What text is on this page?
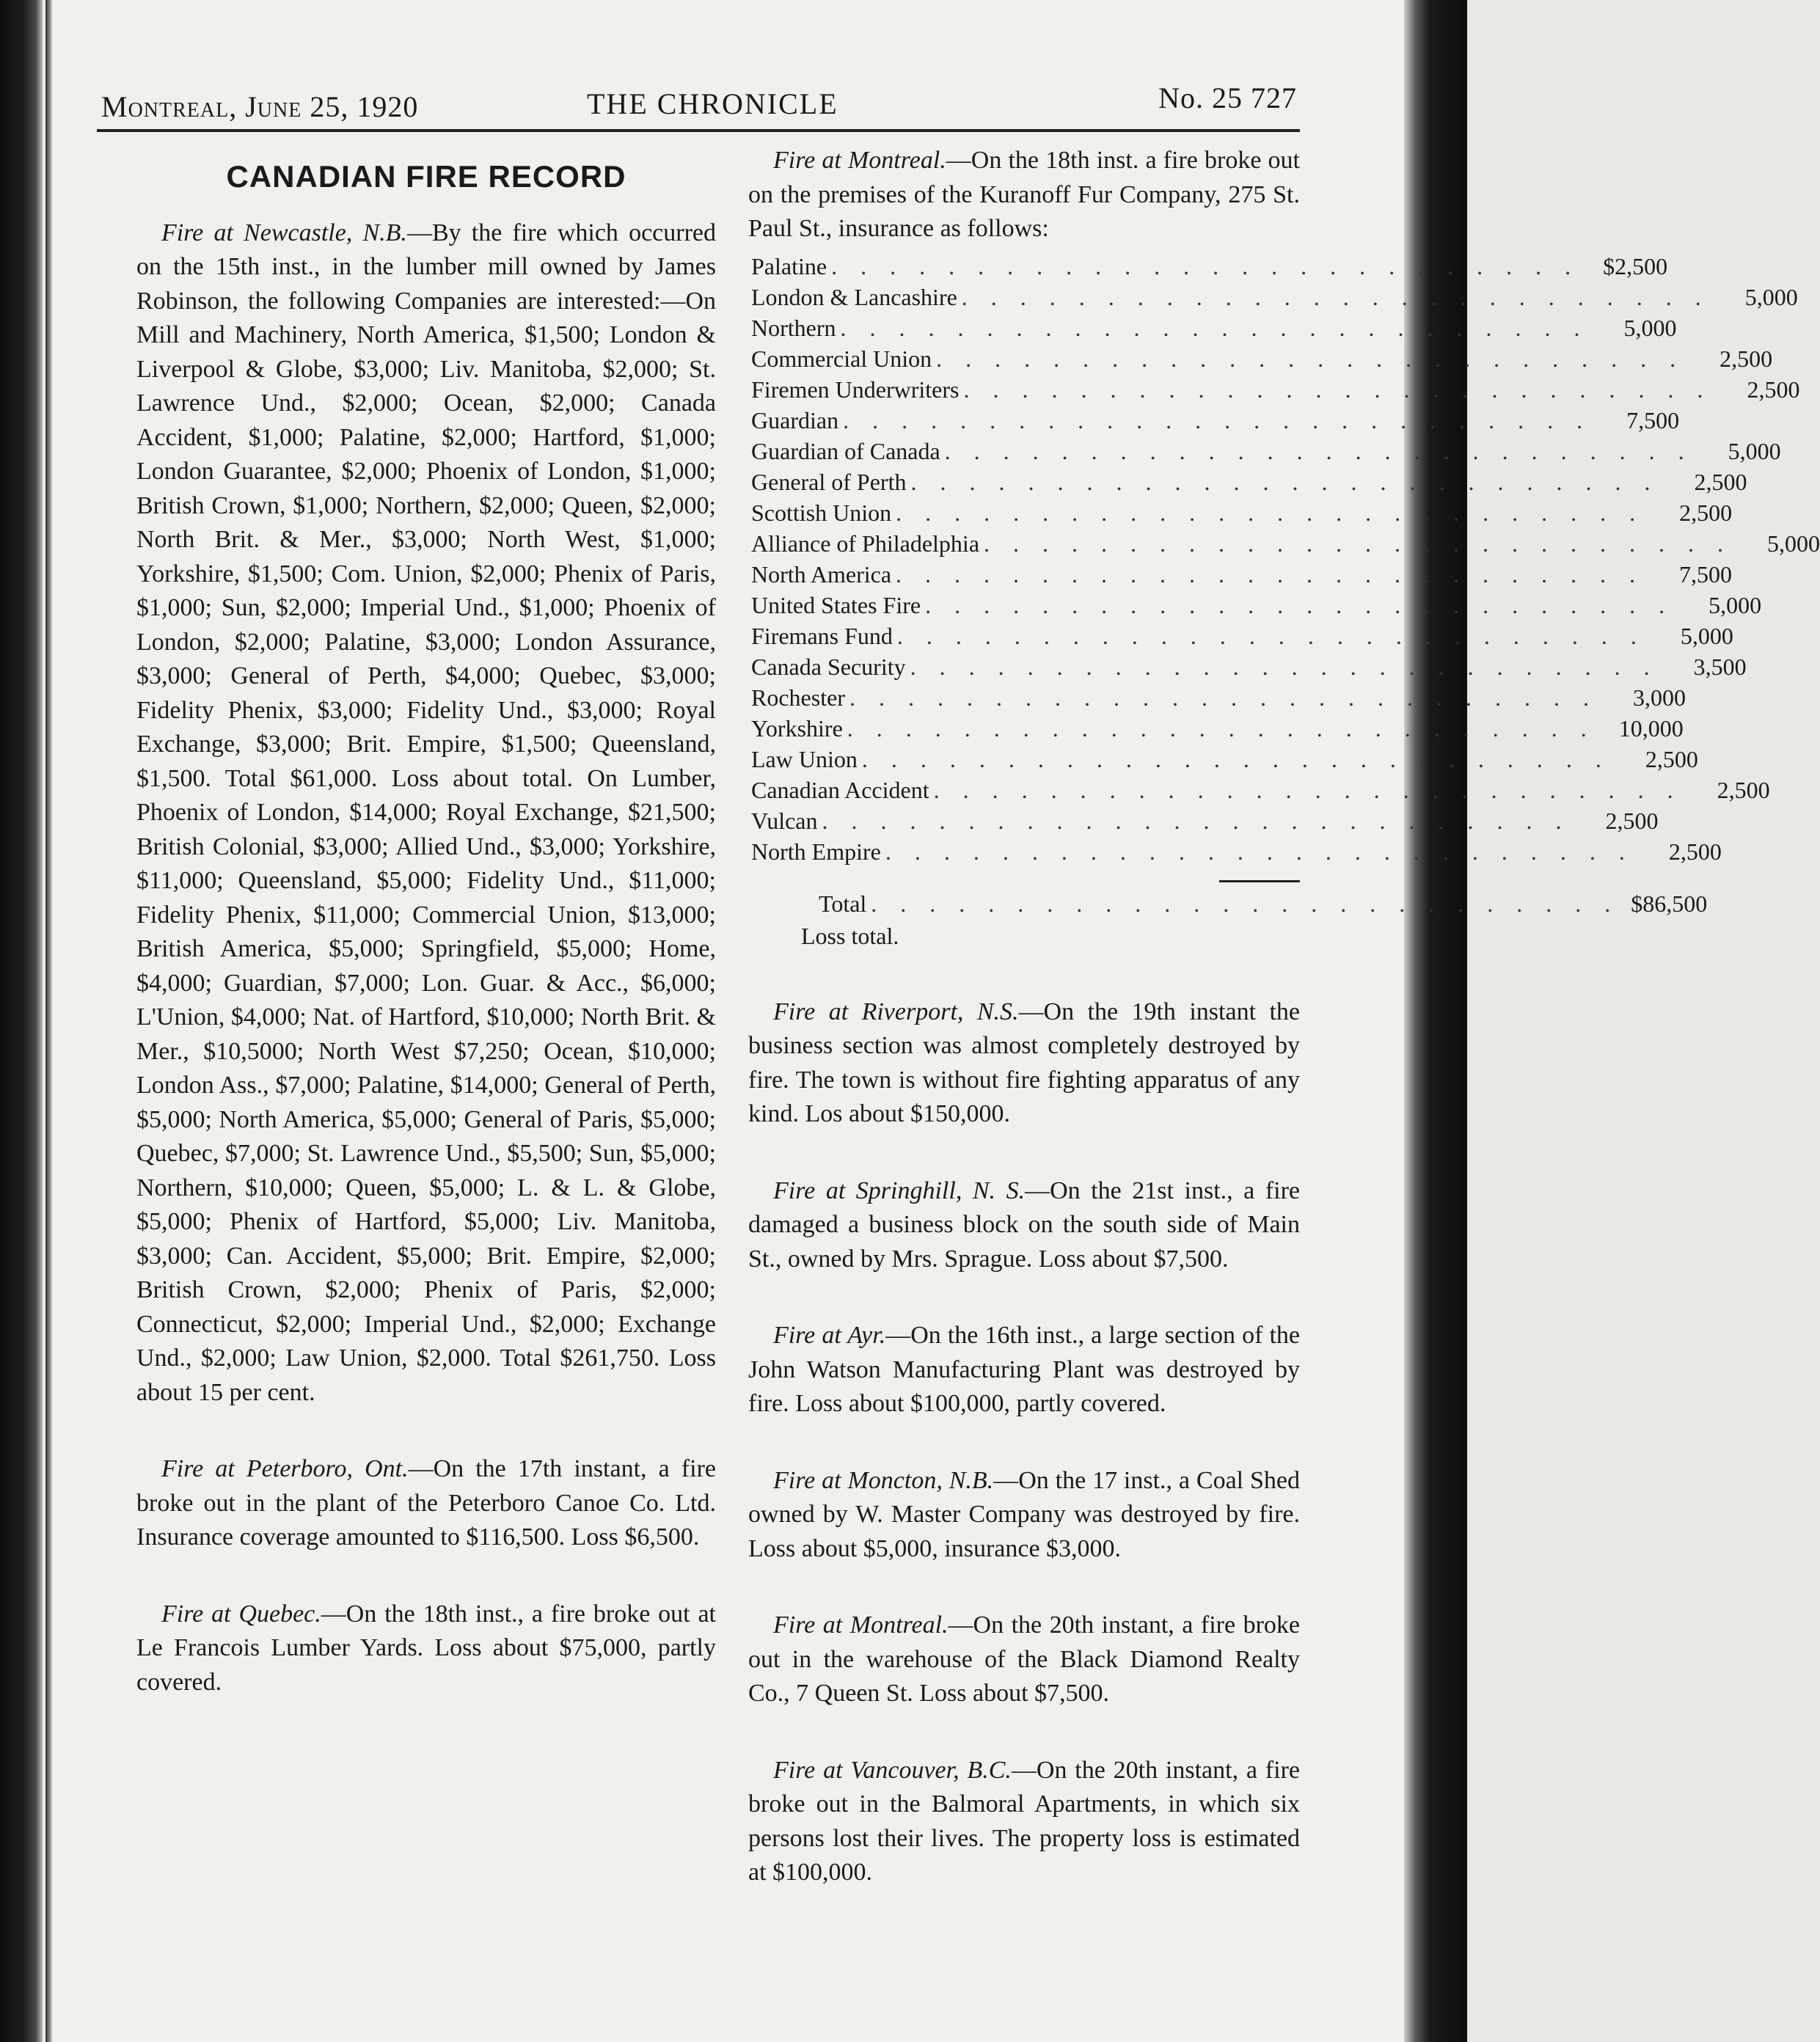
Montreal, June 25, 1920	THE CHRONICLE	No. 25 727
CANADIAN FIRE RECORD

Fire at Newcastle, N.B.—By the fire which occurred on the 15th inst., in the lumber mill owned by James Robinson, the following Companies are interested:—On Mill and Machinery, North America, $1,500; London & Liverpool & Globe, $3,000; Liv. Manitoba, $2,000; St. Lawrence Und., $2,000; Ocean, $2,000; Canada Accident, $1,000; Palatine, $2,000; Hartford, $1,000; London Guarantee, $2,000; Phoenix of London, $1,000; British Crown, $1,000; Northern, $2,000; Queen, $2,000; North Brit. & Mer., $3,000; North West, $1,000; Yorkshire, $1,500; Com. Union, $2,000; Phenix of Paris, $1,000; Sun, $2,000; Imperial Und., $1,000; Phoenix of London, $2,000; Palatine, $3,000; London Assurance, $3,000; General of Perth, $4,000; Quebec, $3,000; Fidelity Phenix, $3,000; Fidelity Und., $3,000; Royal Exchange, $3,000; Brit. Empire, $1,500; Queensland, $1,500. Total $61,000. Loss about total. On Lumber, Phoenix of London, $14,000; Royal Exchange, $21,500; British Colonial, $3,000; Allied Und., $3,000; Yorkshire, $11,000; Queensland, $5,000; Fidelity Und., $11,000; Fidelity Phenix, $11,000; Commercial Union, $13,000; British America, $5,000; Springfield, $5,000; Home, $4,000; Guardian, $7,000; Lon. Guar. & Acc., $6,000; L'Union, $4,000; Nat. of Hartford, $10,000; North Brit. & Mer., $10,5000; North West $7,250; Ocean, $10,000; London Ass., $7,000; Palatine, $14,000; General of Perth, $5,000; North America, $5,000; General of Paris, $5,000; Quebec, $7,000; St. Lawrence Und., $5,500; Sun, $5,000; Northern, $10,000; Queen, $5,000; L. & L. & Globe, $5,000; Phenix of Hartford, $5,000; Liv. Manitoba, $3,000; Can. Accident, $5,000; Brit. Empire, $2,000; British Crown, $2,000; Phenix of Paris, $2,000; Connecticut, $2,000; Imperial Und., $2,000; Exchange Und., $2,000; Law Union, $2,000. Total $261,750. Loss about 15 per cent.

Fire at Peterboro, Ont.—On the 17th instant, a fire broke out in the plant of the Peterboro Canoe Co. Ltd. Insurance coverage amounted to $116,500. Loss $6,500.

Fire at Quebec.—On the 18th inst., a fire broke out at Le Francois Lumber Yards. Loss about $75,000, partly covered.

Fire at Montreal.—On the 18th inst. a fire broke out on the premises of the Kuranoff Fur Company, 275 St. Paul St., insurance as follows:

Palatine . . . . . . . . . . . . . . . . . . . . . . . . . .	$2,500
London & Lancashire . . . . . . . . . . . . . . . . . . . . . . . . . .	5,000
Northern . . . . . . . . . . . . . . . . . . . . . . . . . .	5,000
Commercial Union . . . . . . . . . . . . . . . . . . . . . . . . . .	2,500
Firemen Underwriters . . . . . . . . . . . . . . . . . . . . . . . . . .	2,500
Guardian . . . . . . . . . . . . . . . . . . . . . . . . . .	7,500
Guardian of Canada . . . . . . . . . . . . . . . . . . . . . . . . . .	5,000
General of Perth . . . . . . . . . . . . . . . . . . . . . . . . . .	2,500
Scottish Union . . . . . . . . . . . . . . . . . . . . . . . . . .	2,500
Alliance of Philadelphia . . . . . . . . . . . . . . . . . . . . . . . . . .	5,000
North America . . . . . . . . . . . . . . . . . . . . . . . . . .	7,500
United States Fire . . . . . . . . . . . . . . . . . . . . . . . . . .	5,000
Firemans Fund . . . . . . . . . . . . . . . . . . . . . . . . . .	5,000
Canada Security . . . . . . . . . . . . . . . . . . . . . . . . . .	3,500
Rochester . . . . . . . . . . . . . . . . . . . . . . . . . .	3,000
Yorkshire . . . . . . . . . . . . . . . . . . . . . . . . . .	10,000
Law Union . . . . . . . . . . . . . . . . . . . . . . . . . .	2,500
Canadian Accident . . . . . . . . . . . . . . . . . . . . . . . . . .	2,500
Vulcan . . . . . . . . . . . . . . . . . . . . . . . . . .	2,500
North Empire . . . . . . . . . . . . . . . . . . . . . . . . . .	2,500
Total . . . . . . . . . . . . . . . . . . . . . . . . . . $86,500
Loss total.

Fire at Riverport, N.S.—On the 19th instant the business section was almost completely destroyed by fire. The town is without fire fighting apparatus of any kind. Los about $150,000.

Fire at Springhill, N. S.—On the 21st inst., a fire damaged a business block on the south side of Main St., owned by Mrs. Sprague. Loss about $7,500.

Fire at Ayr.—On the 16th inst., a large section of the John Watson Manufacturing Plant was destroyed by fire. Loss about $100,000, partly covered.

Fire at Moncton, N.B.—On the 17 inst., a Coal Shed owned by W. Master Company was destroyed by fire. Loss about $5,000, insurance $3,000.

Fire at Montreal.—On the 20th instant, a fire broke out in the warehouse of the Black Diamond Realty Co., 7 Queen St. Loss about $7,500.

Fire at Vancouver, B.C.—On the 20th instant, a fire broke out in the Balmoral Apartments, in which six persons lost their lives. The property loss is estimated at $100,000.
